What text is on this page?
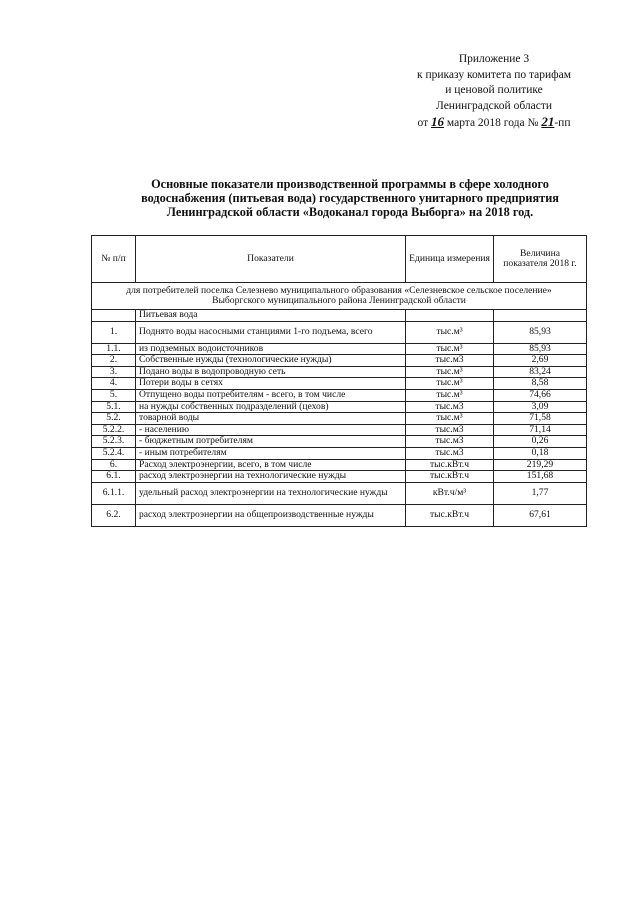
Приложение 3
к приказу комитета по тарифам
и ценовой политике
Ленинградской области
от 16 марта 2018 года № 21-пп
Основные показатели производственной программы в сфере холодного
водоснабжения (питьевая вода) государственного унитарного предприятия
Ленинградской области «Водоканал города Выборга» на 2018 год.
№ п/п	Показатели	Единица измерения	Величина показателя 2018 г.

для потребителей поселка Селезнево муниципального образования «Селезневское сельское поселение»
Выборгского муниципального района Ленинградской области			

	Питьевая вода		
1.	Поднято воды насосными станциями 1-го подъема, всего	тыс.м³	85,93
1.1.	из подземных водоисточников	тыс.м³	85,93
2.	Собственные нужды (технологические нужды)	тыс.м3	2,69
3.	Подано воды в водопроводную сеть	тыс.м³	83,24
4.	Потери воды в сетях	тыс.м³	8,58
5.	Отпущено воды потребителям - всего, в том числе	тыс.м³	74,66
5.1.	на нужды собственных подразделений (цехов)	тыс.м3	3,09
5.2.	товарной воды	тыс.м³	71,58
5.2.2.	- населению	тыс.м3	71,14
5.2.3.	- бюджетным потребителям	тыс.м3	0,26
5.2.4.	- иным потребителям	тыс.м3	0,18
6.	Расход электроэнергии, всего, в том числе	тыс.кВт.ч	219,29
6.1.	расход электроэнергии на технологические нужды	тыс.кВт.ч	151,68
6.1.1.	удельный расход электроэнергии на технологические нужды	кВт.ч/м³	1,77
6.2.	расход электроэнергии на общепроизводственные нужды	тыс.кВт.ч	67,61
